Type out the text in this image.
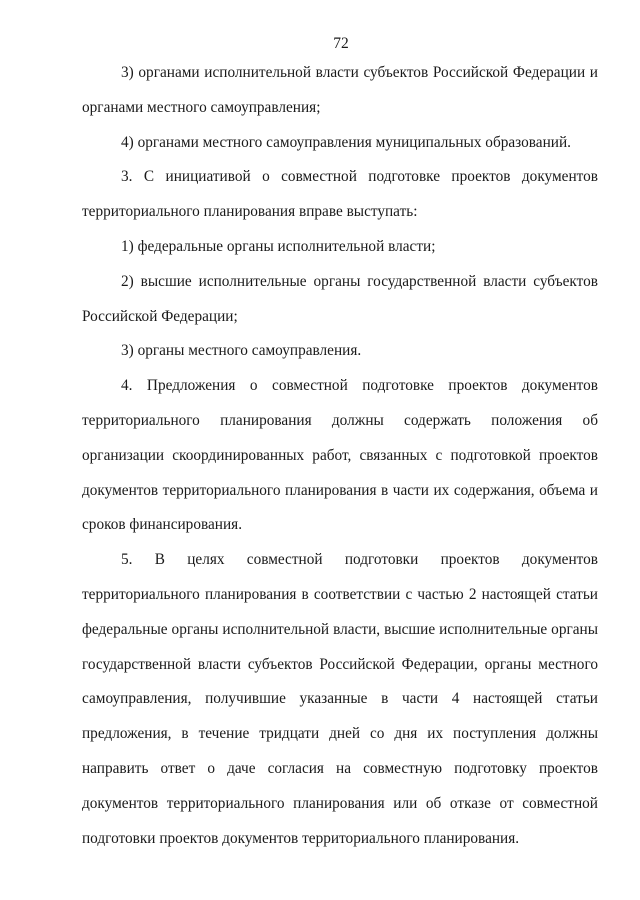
72

3) органами исполнительной власти субъектов Российской Федерации и органами местного самоуправления;

4) органами местного самоуправления муниципальных образований.

3. С инициативой о совместной подготовке проектов документов территориального планирования вправе выступать:

1) федеральные органы исполнительной власти;

2) высшие исполнительные органы государственной власти субъектов Российской Федерации;

3) органы местного самоуправления.

4. Предложения о совместной подготовке проектов документов территориального планирования должны содержать положения об организации скоординированных работ, связанных с подготовкой проектов документов территориального планирования в части их содержания, объема и сроков финансирования.

5. В целях совместной подготовки проектов документов территориального планирования в соответствии с частью 2 настоящей статьи федеральные органы исполнительной власти, высшие исполнительные органы государственной власти субъектов Российской Федерации, органы местного самоуправления, получившие указанные в части 4 настоящей статьи предложения, в течение тридцати дней со дня их поступления должны направить ответ о даче согласия на совместную подготовку проектов документов территориального планирования или об отказе от совместной подготовки проектов документов территориального планирования.
